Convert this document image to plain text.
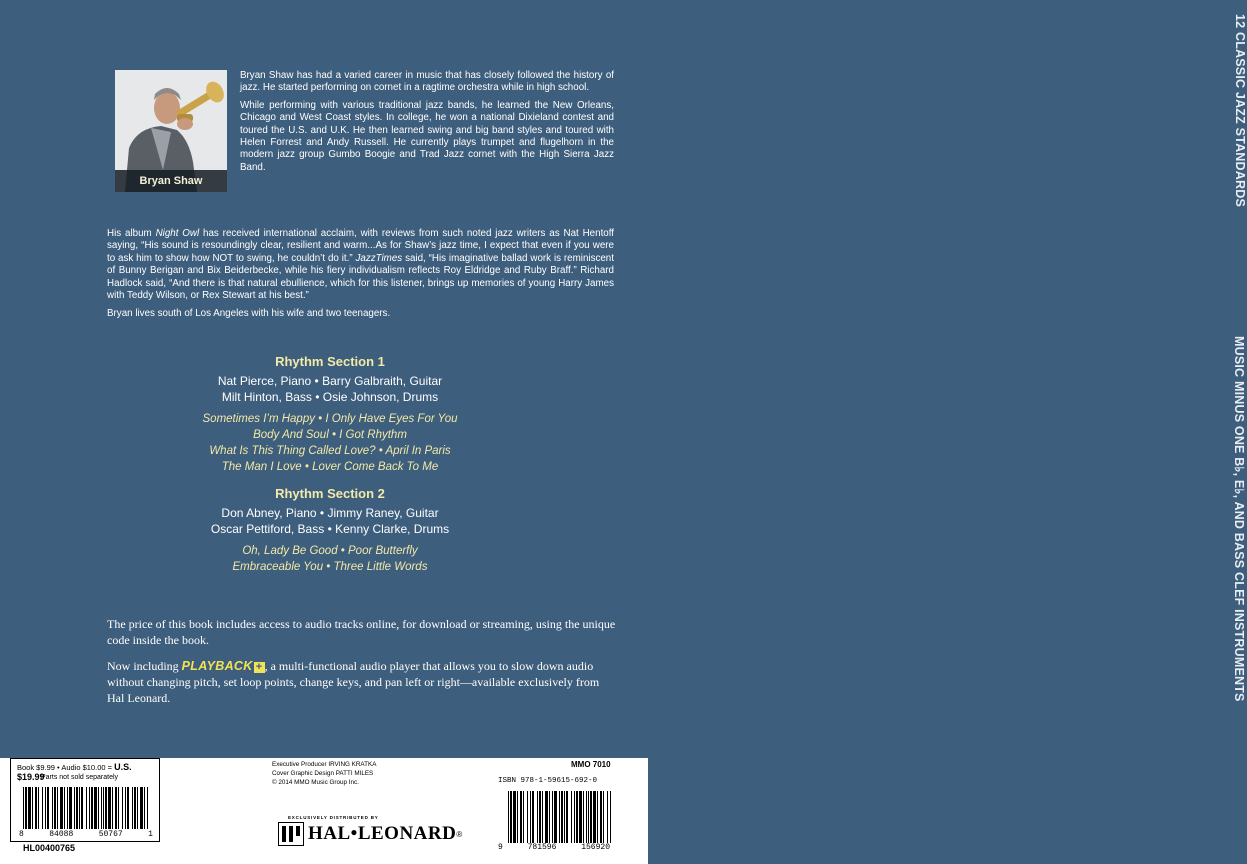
12 CLASSIC JAZZ STANDARDS
MUSIC MINUS ONE B♭, E♭, AND BASS CLEF INSTRUMENTS
Bryan Shaw

Bryan Shaw has had a varied career in music that has closely followed the history of jazz. He started performing on cornet in a ragtime orchestra while in high school.

While performing with various traditional jazz bands, he learned the New Orleans, Chicago and West Coast styles. In college, he won a national Dixieland contest and toured the U.S. and U.K. He then learned swing and big band styles and toured with Helen Forrest and Andy Russell. He currently plays trumpet and flugelhorn in the modern jazz group Gumbo Boogie and Trad Jazz cornet with the High Sierra Jazz Band.

His album Night Owl has received international acclaim, with reviews from such noted jazz writers as Nat Hentoff saying, “His sound is resoundingly clear, resilient and warm...As for Shaw’s jazz time, I expect that even if you were to ask him to show how NOT to swing, he couldn’t do it.” JazzTimes said, “His imaginative ballad work is reminiscent of Bunny Berigan and Bix Beiderbecke, while his fiery individualism reflects Roy Eldridge and Ruby Braff.” Richard Hadlock said, “And there is that natural ebullience, which for this listener, brings up memories of young Harry James with Teddy Wilson, or Rex Stewart at his best.”

Bryan lives south of Los Angeles with his wife and two teenagers.

Rhythm Section 1
Nat Pierce, Piano • Barry Galbraith, Guitar
Milt Hinton, Bass • Osie Johnson, Drums
Sometimes I’m Happy • I Only Have Eyes For You
Body And Soul • I Got Rhythm
What Is This Thing Called Love? • April In Paris
The Man I Love • Lover Come Back To Me
Rhythm Section 2
Don Abney, Piano • Jimmy Raney, Guitar
Oscar Pettiford, Bass • Kenny Clarke, Drums
Oh, Lady Be Good • Poor Butterfly
Embraceable You • Three Little Words

The price of this book includes access to audio tracks online, for download or streaming, using the unique code inside the book.

Now including PLAYBACK + , a multi-functional audio player that allows you to slow down audio without changing pitch, set loop points, change keys, and pan left or right—available exclusively from Hal Leonard.

Book $9.99 • Audio $10.00 = U.S. $19.99
Parts not sold separately
8	84088	50767	1
HL00400765
Executive Producer IRVING KRATKA
Cover Graphic Design PATTI MILES
© 2014 MMO Music Group Inc.
EXCLUSIVELY DISTRIBUTED BY
HAL•LEONARD ®
MMO 7010
ISBN 978-1-59615-692-0
9	781596	156920
